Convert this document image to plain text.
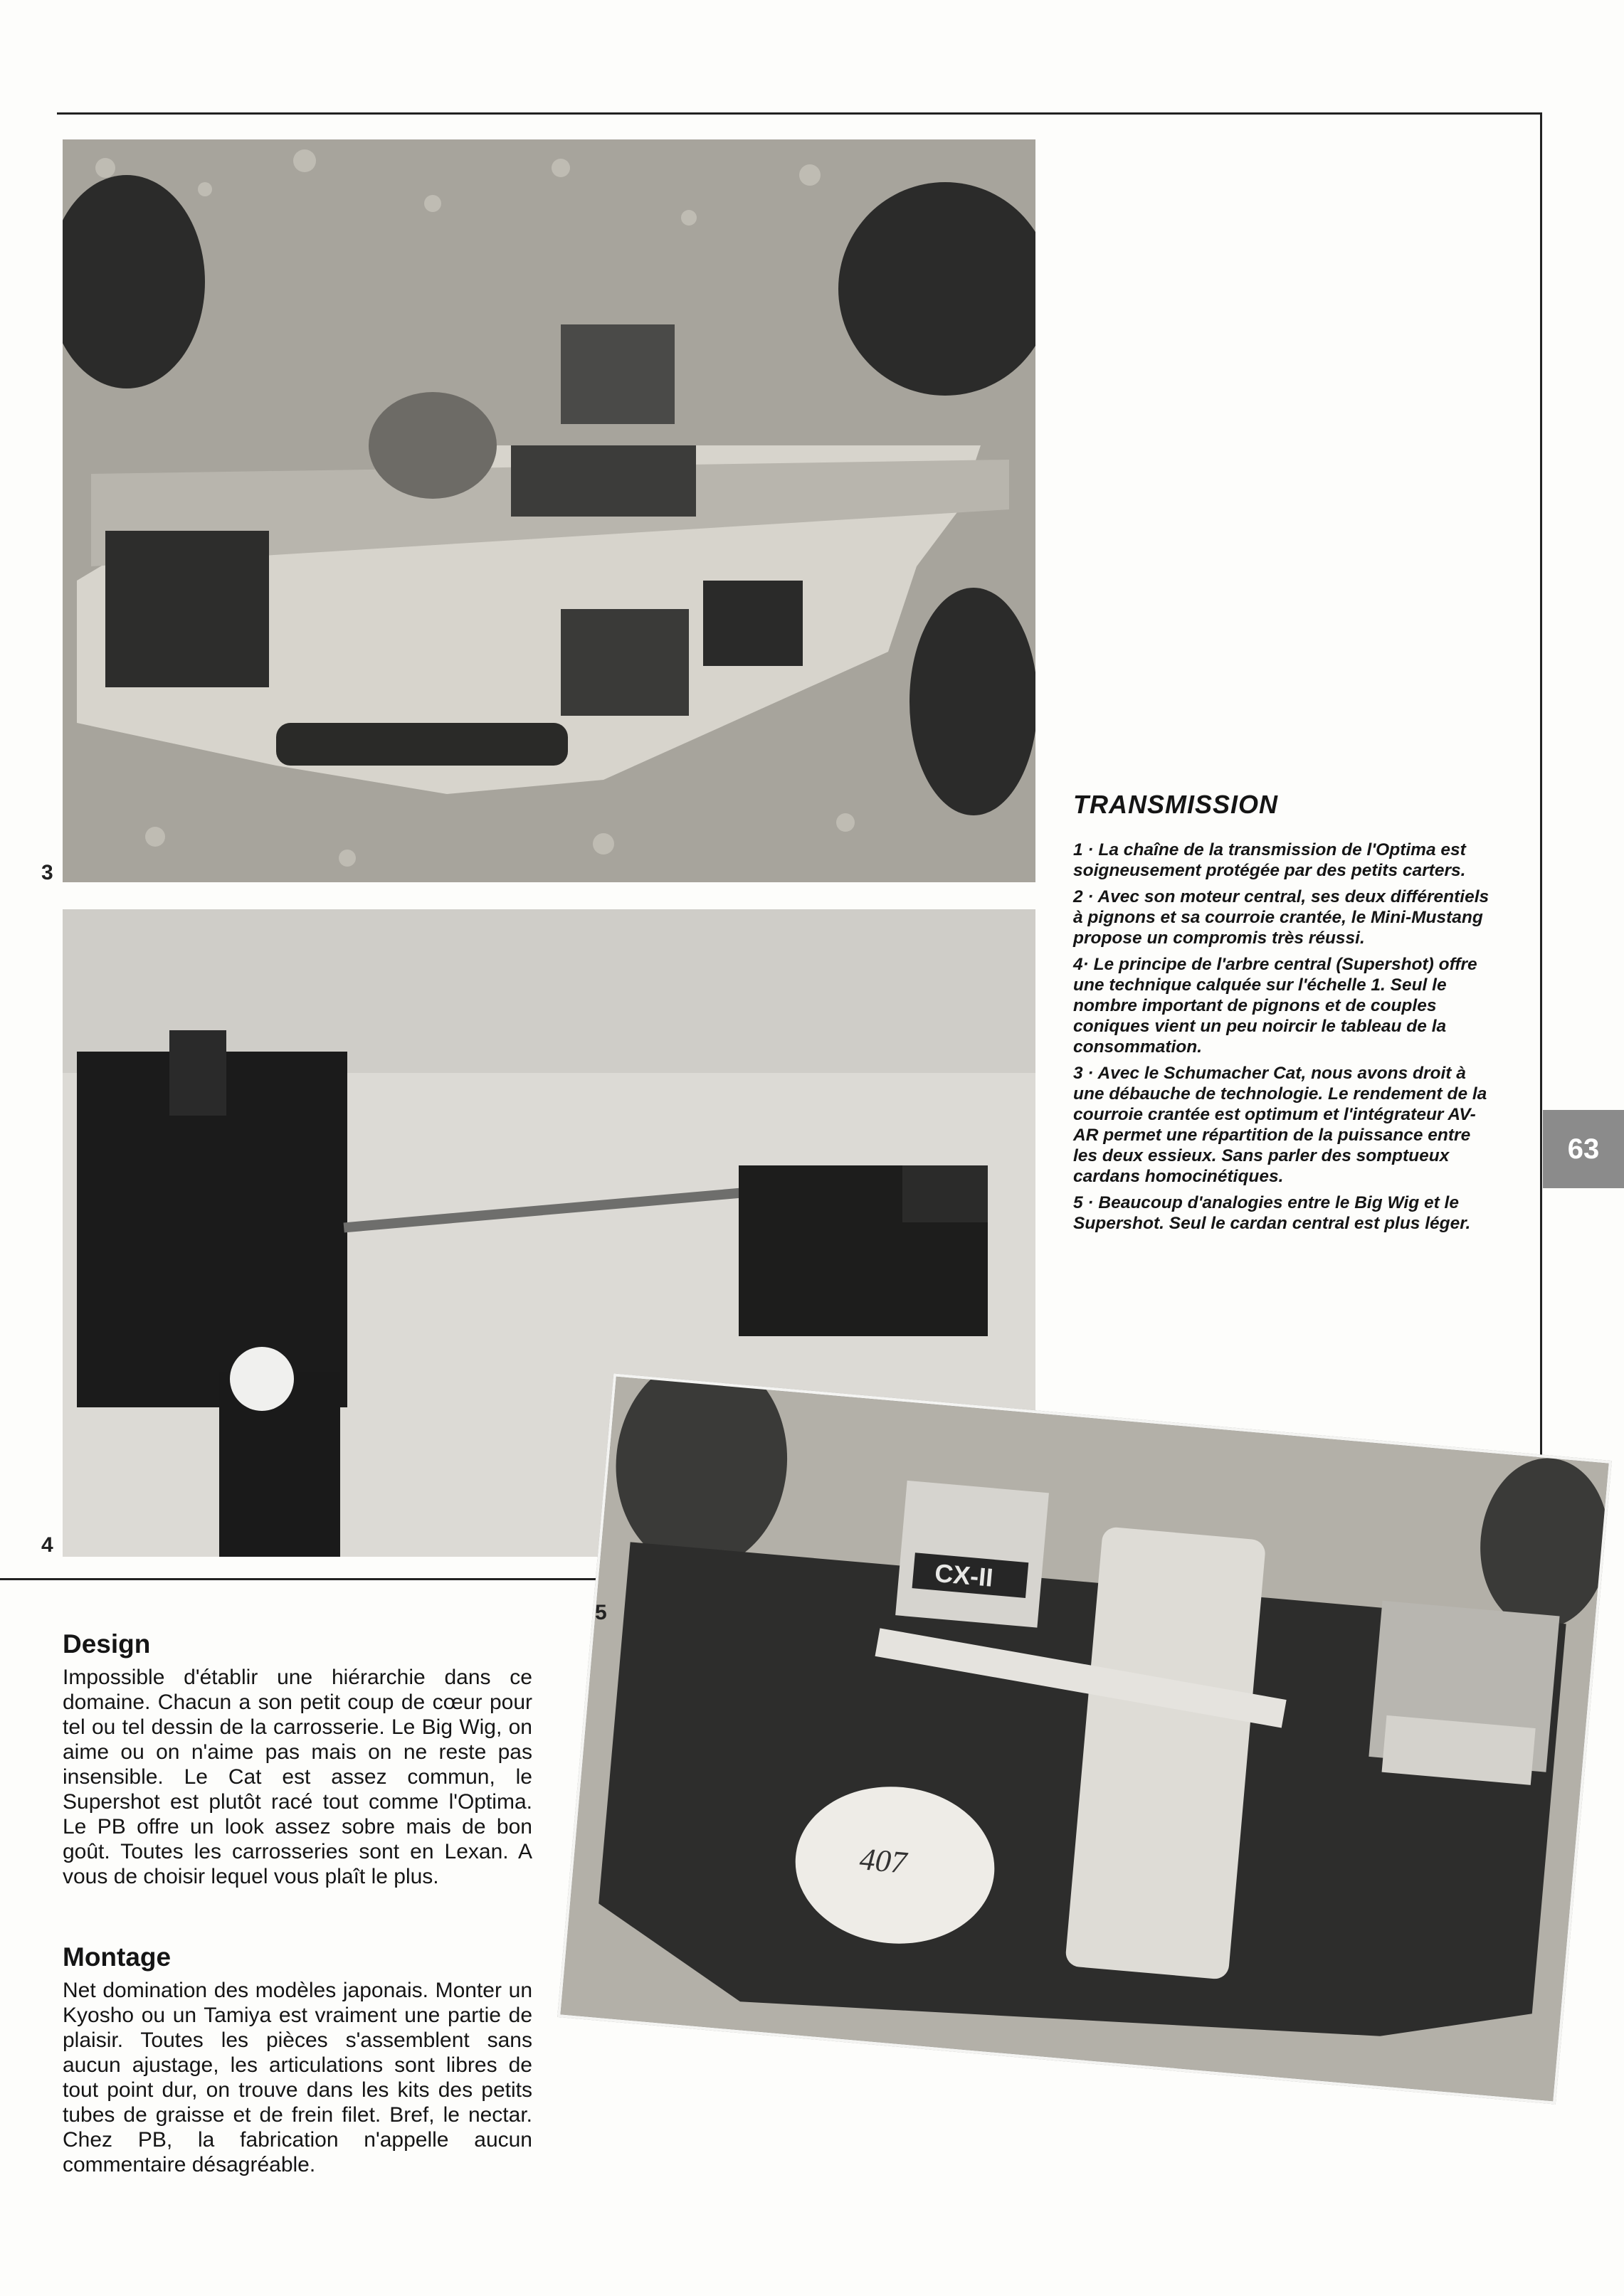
3
4
CX-II
407
5
TRANSMISSION

1 · La chaîne de la transmission de l'Optima est soigneusement protégée par des petits carters.

2 · Avec son moteur central, ses deux différentiels à pignons et sa courroie crantée, le Mini-Mustang propose un compromis très réussi.

4· Le principe de l'arbre central (Supershot) offre une technique calquée sur l'échelle 1. Seul le nombre important de pignons et de couples coniques vient un peu noircir le tableau de la consommation.

3 · Avec le Schumacher Cat, nous avons droit à une débauche de technologie. Le rendement de la courroie crantée est optimum et l'intégrateur AV-AR permet une répartition de la puissance entre les deux essieux. Sans parler des somptueux cardans homocinétiques.

5 · Beaucoup d'analogies entre le Big Wig et le Supershot. Seul le cardan central est plus léger.

63
Design

Impossible d'établir une hiérarchie dans ce domaine. Chacun a son petit coup de cœur pour tel ou tel dessin de la carrosserie. Le Big Wig, on aime ou on n'aime pas mais on ne reste pas insensible. Le Cat est assez commun, le Supershot est plutôt racé tout comme l'Optima. Le PB offre un look assez sobre mais de bon goût. Toutes les carrosseries sont en Lexan. A vous de choisir lequel vous plaît le plus.

Montage

Net domination des modèles japonais. Monter un Kyosho ou un Tamiya est vraiment une partie de plaisir. Toutes les pièces s'assemblent sans aucun ajustage, les articulations sont libres de tout point dur, on trouve dans les kits des petits tubes de graisse et de frein filet. Bref, le nectar. Chez PB, la fabrication n'appelle aucun commentaire désagréable.
